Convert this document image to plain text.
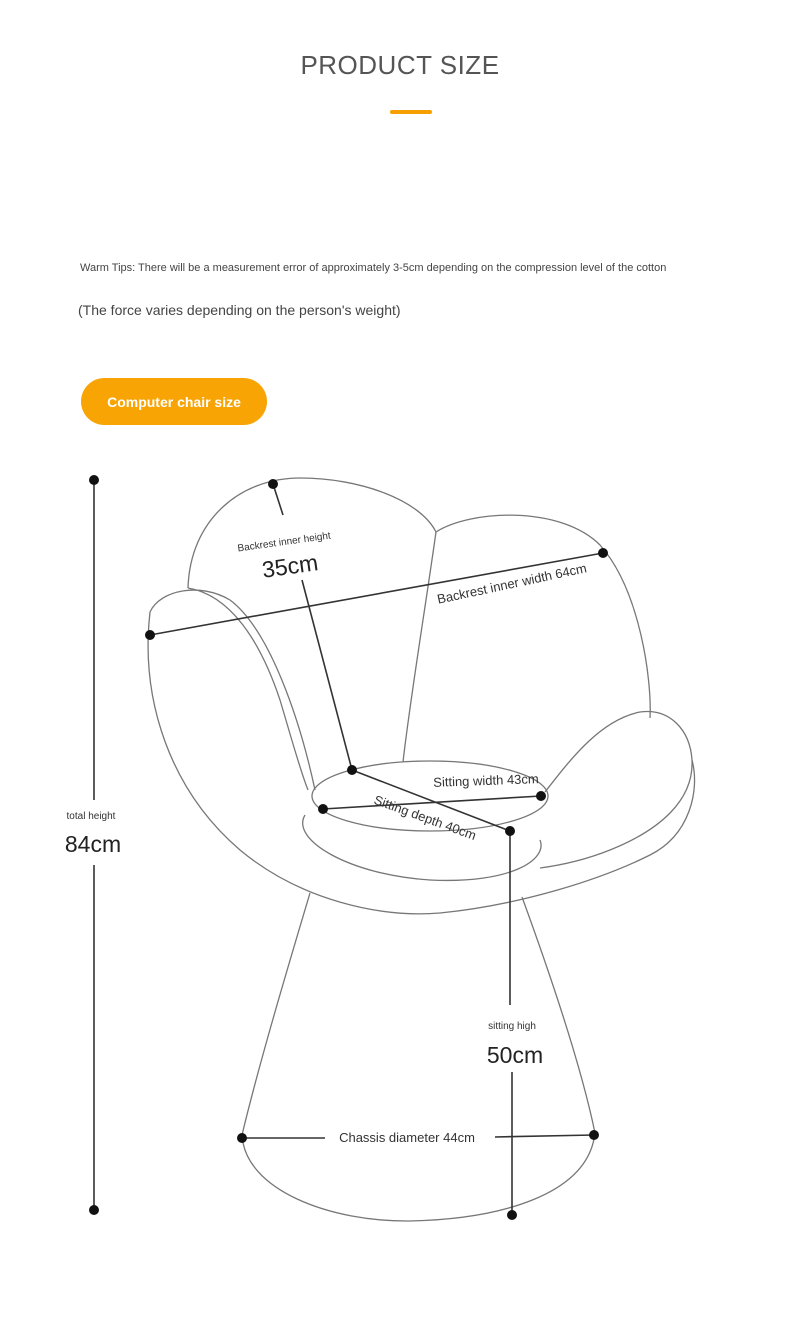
PRODUCT SIZE
Warm Tips: There will be a measurement error of approximately 3-5cm depending on the compression level of the cotton
(The force varies depending on the person's weight)
Computer chair size
total height
84cm
Backrest inner height
35cm	Backrest inner width 64cm
Sitting width 43cm
Sitting depth 40cm
sitting high
50cm
Chassis diameter 44cm
